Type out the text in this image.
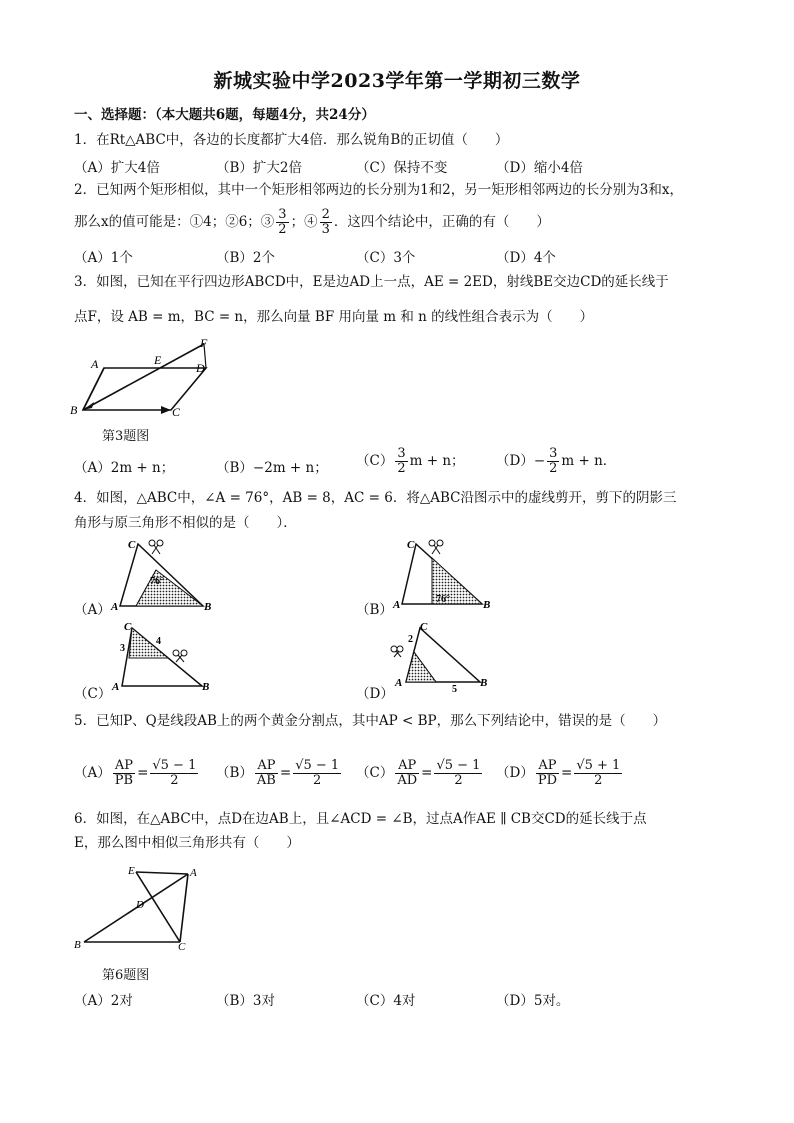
新城实验中学2023学年第一学期初三数学
一、选择题：（本大题共6题，每题4分，共24分）
1．在Rt△ABC中，各边的长度都扩大4倍．那么锐角B的正切值（　　）
（A）扩大4倍	（B）扩大2倍	（C）保持不变	（D）缩小4倍
2．已知两个矩形相似，其中一个矩形相邻两边的长分别为1和2，另一矩形相邻两边的长分别为3和x，
那么x的值可能是：①4；②6；③ $\frac{3}{2}$ ；④ $\frac{2}{3}$ ．这四个结论中，正确的有（　　）
（A）1个	（B）2个	（C）3个	（D）4个
3．如图，已知在平行四边形ABCD中，E是边AD上一点，AE = 2ED，射线BE交边CD的延长线于
点F，设 AB = m，BC = n，那么向量 BF 用向量 m 和 n 的线性组合表示为（　　）
A
B	C
D
E
F
第3题图
（A）2m + n；	（B）−2m + n； $(C) \frac{3}{2}$ m + n； $(D)- \frac{3}{2}$ m + n．
4．如图，△ABC中，∠A = 76°，AB = 8，AC = 6．将△ABC沿图示中的虚线剪开，剪下的阴影三
角形与原三角形不相似的是（　　）．
C
A	B
76°
（A）
C
A	B
76°
（B）
C
A	B
3
4
（C）
C
A	B
2
5
（D）
5．已知P、Q是线段AB上的两个黄金分割点，其中AP < BP，那么下列结论中，错误的是（　　）
$(A) \frac{AP}{PB} = \frac{√5 - 1}{2} (B) \frac{AP}{AB} = \frac{√5 - 1}{2} (C) \frac{AP}{AD} = \frac{√5 - 1}{2} (D) \frac{AP}{PD} = \frac{√5 + 1}{2}$
6．如图，在△ABC中，点D在边AB上，且∠ACD = ∠B，过点A作AE ∥ CB交CD的延长线于点
E，那么图中相似三角形共有（　　）
E	A
D
B	C
第6题图
（A）2对	（B）3对	（C）4对	（D）5对。
